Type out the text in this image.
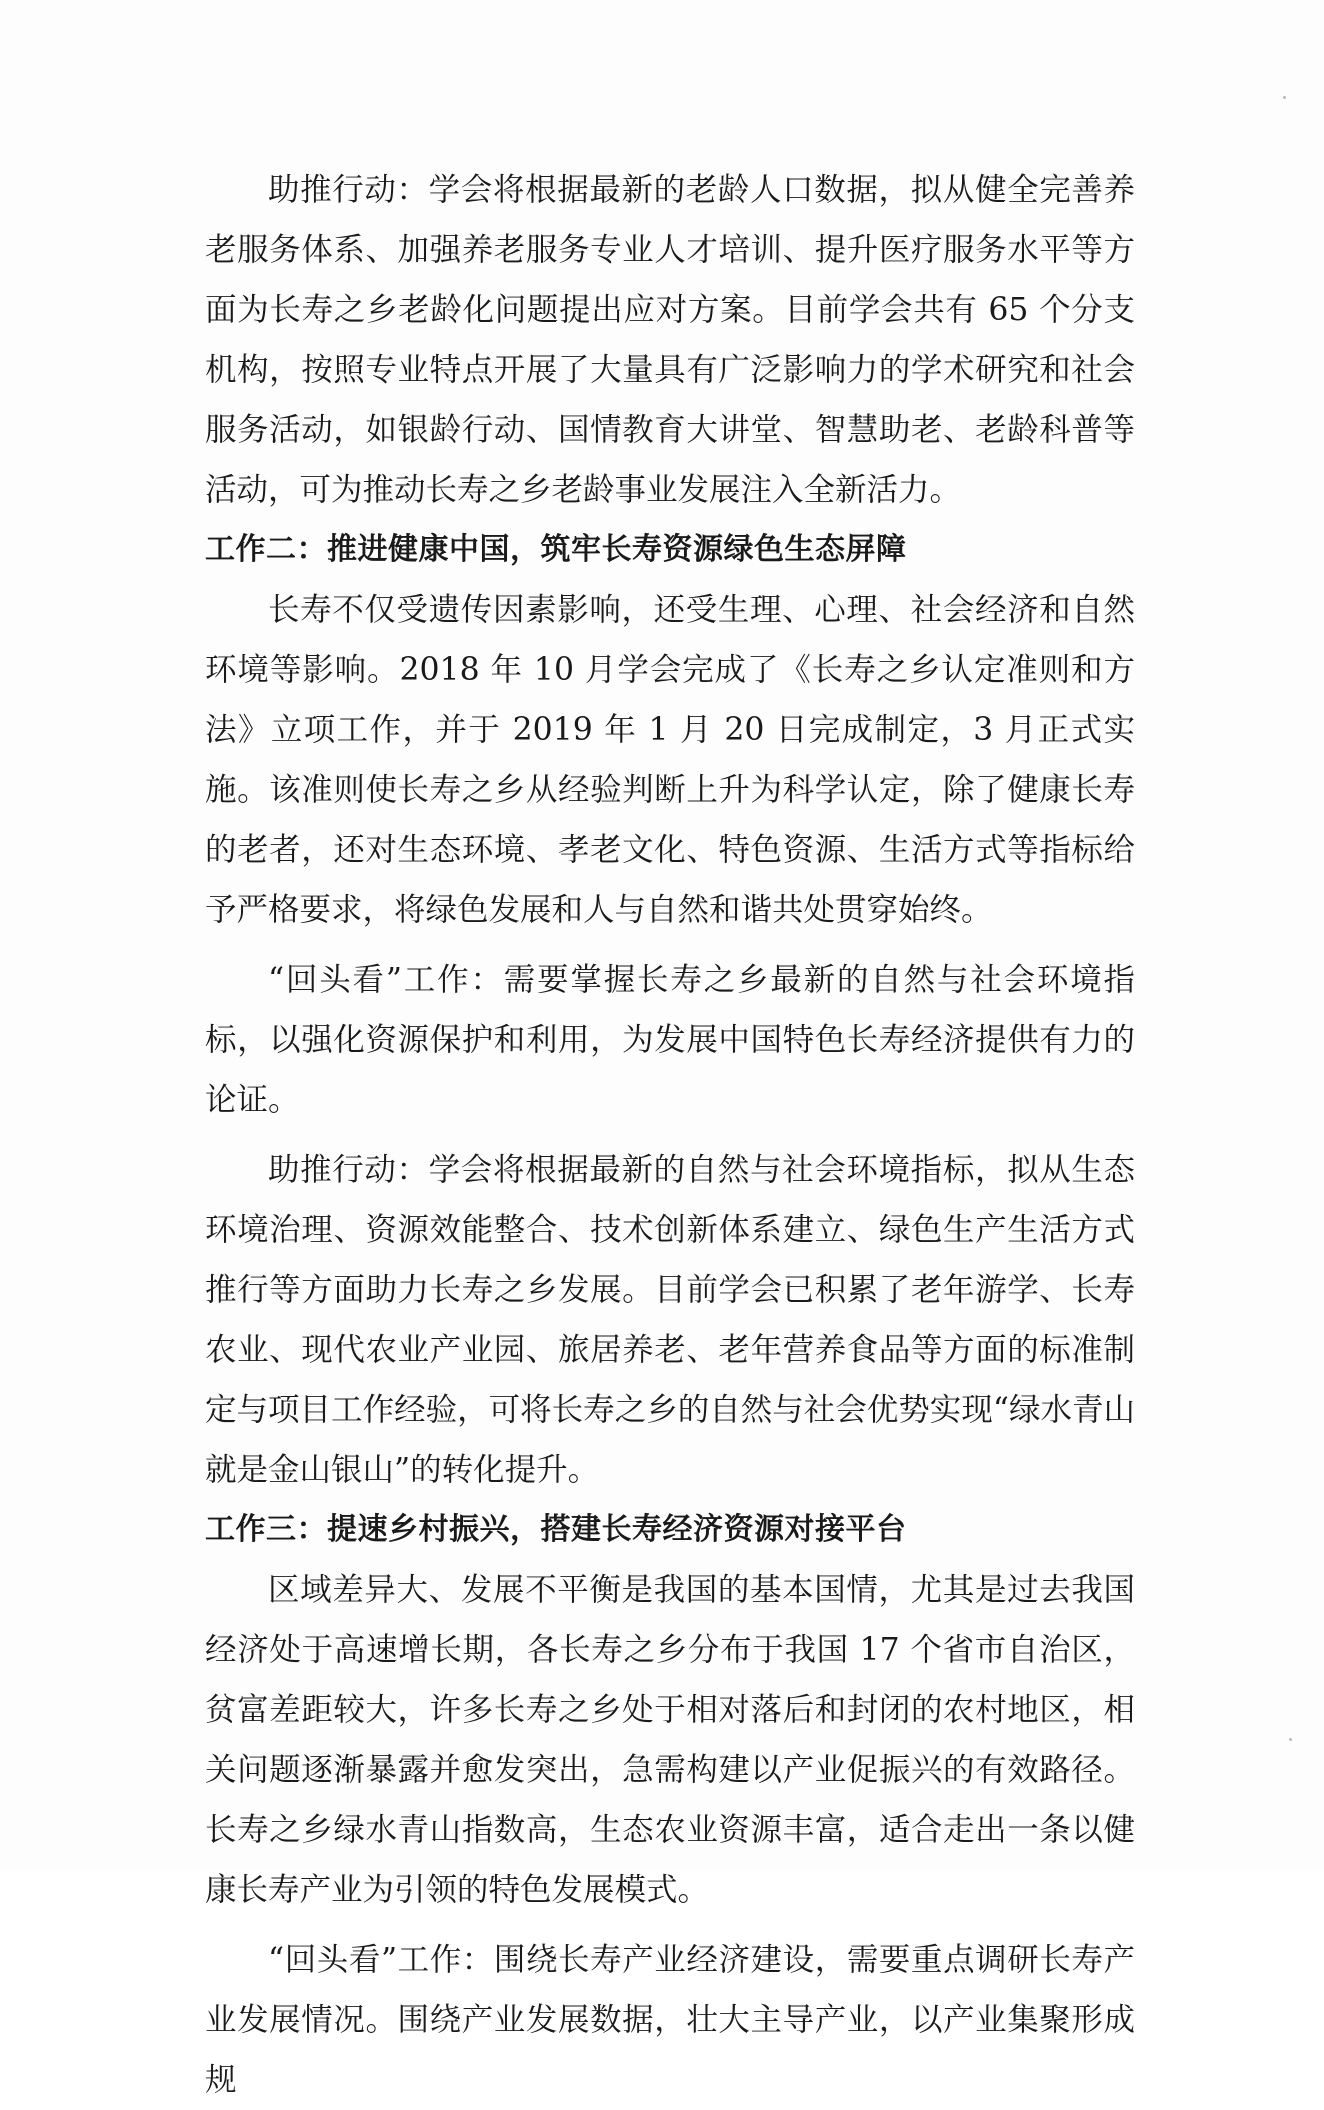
助推行动：学会将根据最新的老龄人口数据，拟从健全完善养老服务体系、加强养老服务专业人才培训、提升医疗服务水平等方面为长寿之乡老龄化问题提出应对方案。目前学会共有 65 个分支机构，按照专业特点开展了大量具有广泛影响力的学术研究和社会服务活动，如银龄行动、国情教育大讲堂、智慧助老、老龄科普等活动，可为推动长寿之乡老龄事业发展注入全新活力。

工作二：推进健康中国，筑牢长寿资源绿色生态屏障

长寿不仅受遗传因素影响，还受生理、心理、社会经济和自然环境等影响。2018 年 10 月学会完成了《长寿之乡认定准则和方法》立项工作，并于 2019 年 1 月 20 日完成制定，3 月正式实施。该准则使长寿之乡从经验判断上升为科学认定，除了健康长寿的老者，还对生态环境、孝老文化、特色资源、生活方式等指标给予严格要求，将绿色发展和人与自然和谐共处贯穿始终。

“回头看”工作：需要掌握长寿之乡最新的自然与社会环境指标，以强化资源保护和利用，为发展中国特色长寿经济提供有力的论证。

助推行动：学会将根据最新的自然与社会环境指标，拟从生态环境治理、资源效能整合、技术创新体系建立、绿色生产生活方式推行等方面助力长寿之乡发展。目前学会已积累了老年游学、长寿农业、现代农业产业园、旅居养老、老年营养食品等方面的标准制定与项目工作经验，可将长寿之乡的自然与社会优势实现“绿水青山就是金山银山”的转化提升。

工作三：提速乡村振兴，搭建长寿经济资源对接平台

区域差异大、发展不平衡是我国的基本国情，尤其是过去我国经济处于高速增长期，各长寿之乡分布于我国 17 个省市自治区，贫富差距较大，许多长寿之乡处于相对落后和封闭的农村地区，相关问题逐渐暴露并愈发突出，急需构建以产业促振兴的有效路径。长寿之乡绿水青山指数高，生态农业资源丰富，适合走出一条以健康长寿产业为引领的特色发展模式。

“回头看”工作：围绕长寿产业经济建设，需要重点调研长寿产业发展情况。围绕产业发展数据，壮大主导产业，以产业集聚形成规
